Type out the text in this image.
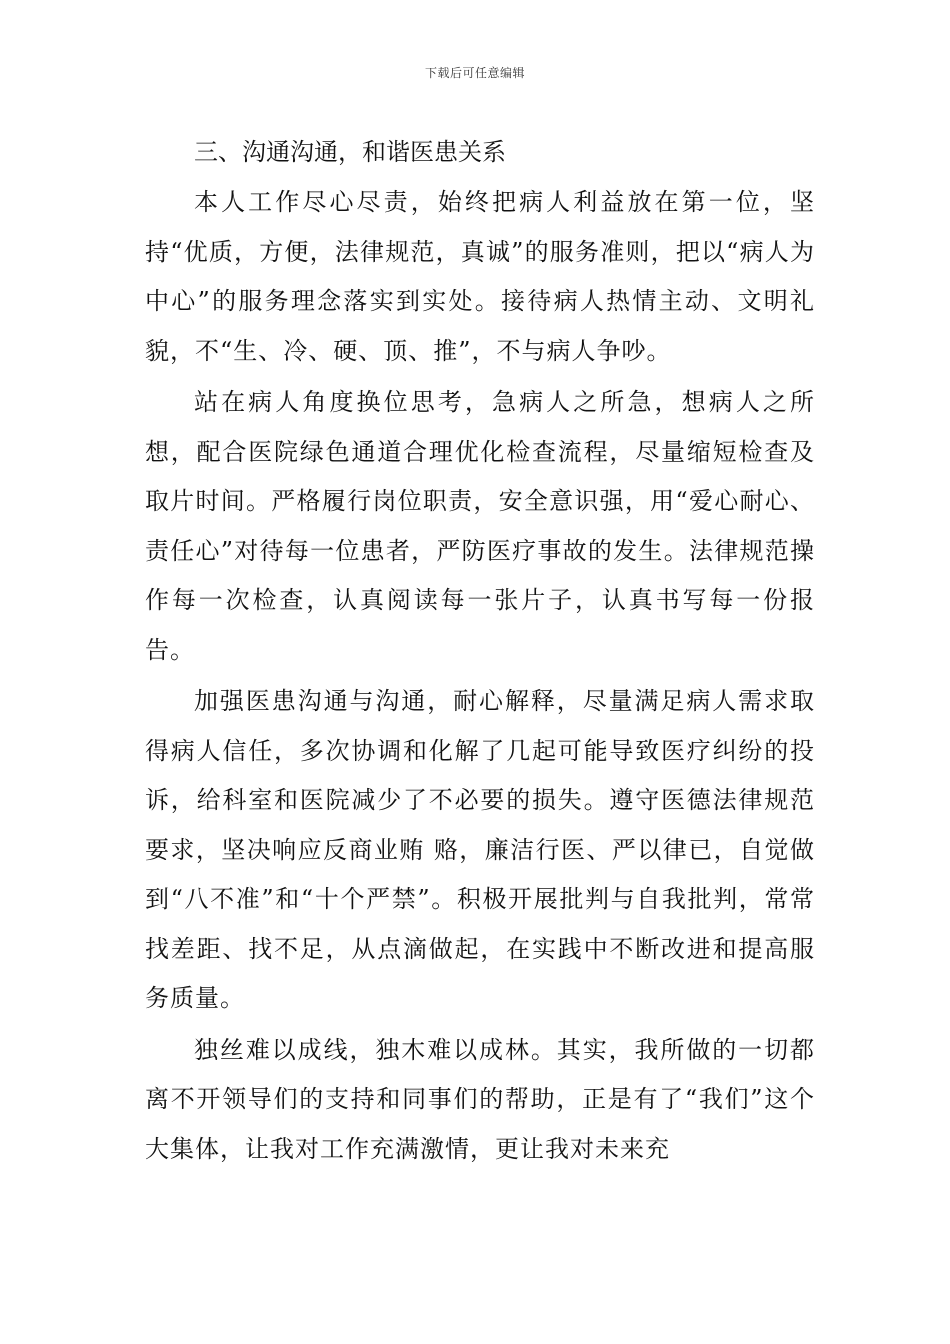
下载后可任意编辑
三、沟通沟通，和谐医患关系

本人工作尽心尽责，始终把病人利益放在第一位，坚持“优质，方便，法律规范，真诚”的服务准则，把以“病人为中心”的服务理念落实到实处。接待病人热情主动、文明礼貌，不“生、冷、硬、顶、推”，不与病人争吵。

站在病人角度换位思考，急病人之所急，想病人之所想，配合医院绿色通道合理优化检查流程，尽量缩短检查及取片时间。严格履行岗位职责，安全意识强，用“爱心耐心、责任心”对待每一位患者，严防医疗事故的发生。法律规范操作每一次检查，认真阅读每一张片子，认真书写每一份报告。

加强医患沟通与沟通，耐心解释，尽量满足病人需求取得病人信任，多次协调和化解了几起可能导致医疗纠纷的投诉，给科室和医院减少了不必要的损失。遵守医德法律规范要求，坚决响应反商业贿 赂，廉洁行医、严以律已，自觉做到“八不准”和“十个严禁”。积极开展批判与自我批判，常常找差距、找不足，从点滴做起，在实践中不断改进和提高服务质量。

独丝难以成线，独木难以成林。其实，我所做的一切都离不开领导们的支持和同事们的帮助，正是有了“我们”这个大集体，让我对工作充满激情，更让我对未来充
